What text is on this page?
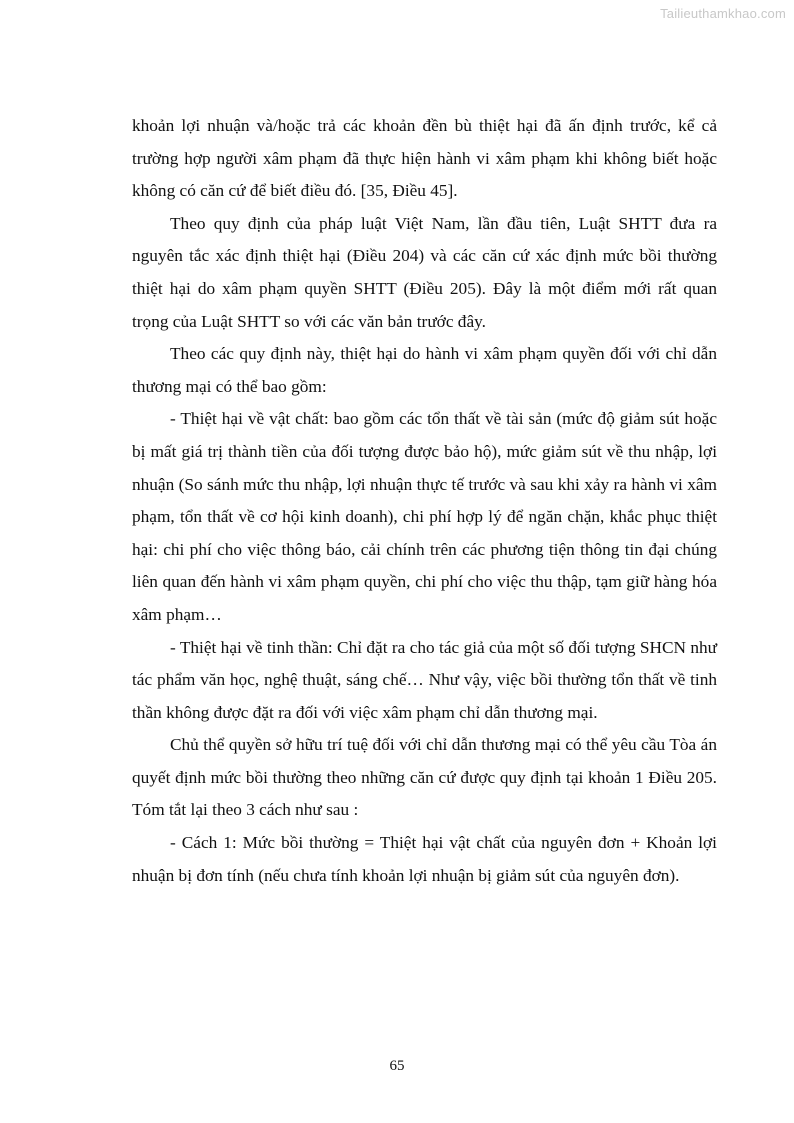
Tailieuthamkhao.com

khoản lợi nhuận và/hoặc trả các khoản đền bù thiệt hại đã ấn định trước, kể cả trường hợp người xâm phạm đã thực hiện hành vi xâm phạm khi không biết hoặc không có căn cứ để biết điều đó. [35, Điều 45].

Theo quy định của pháp luật Việt Nam, lần đầu tiên, Luật SHTT đưa ra nguyên tắc xác định thiệt hại (Điều 204) và các căn cứ xác định mức bồi thường thiệt hại do xâm phạm quyền SHTT (Điều 205). Đây là một điểm mới rất quan trọng của Luật SHTT so với các văn bản trước đây.

Theo các quy định này, thiệt hại do hành vi xâm phạm quyền đối với chỉ dẫn thương mại có thể bao gồm:

- Thiệt hại về vật chất: bao gồm các tổn thất về tài sản (mức độ giảm sút hoặc bị mất giá trị thành tiền của đối tượng được bảo hộ), mức giảm sút về thu nhập, lợi nhuận (So sánh mức thu nhập, lợi nhuận thực tế trước và sau khi xảy ra hành vi xâm phạm, tổn thất về cơ hội kinh doanh), chi phí hợp lý để ngăn chặn, khắc phục thiệt hại: chi phí cho việc thông báo, cải chính trên các phương tiện thông tin đại chúng liên quan đến hành vi xâm phạm quyền, chi phí cho việc thu thập, tạm giữ hàng hóa xâm phạm…

- Thiệt hại về tinh thần: Chỉ đặt ra cho tác giả của một số đối tượng SHCN như tác phẩm văn học, nghệ thuật, sáng chế… Như vậy, việc bồi thường tổn thất về tinh thần không được đặt ra đối với việc xâm phạm chỉ dẫn thương mại.

Chủ thể quyền sở hữu trí tuệ đối với chỉ dẫn thương mại có thể yêu cầu Tòa án quyết định mức bồi thường theo những căn cứ được quy định tại khoản 1 Điều 205. Tóm tắt lại theo 3 cách như sau :

- Cách 1: Mức bồi thường = Thiệt hại vật chất của nguyên đơn + Khoản lợi nhuận bị đơn tính (nếu chưa tính khoản lợi nhuận bị giảm sút của nguyên đơn).

65
